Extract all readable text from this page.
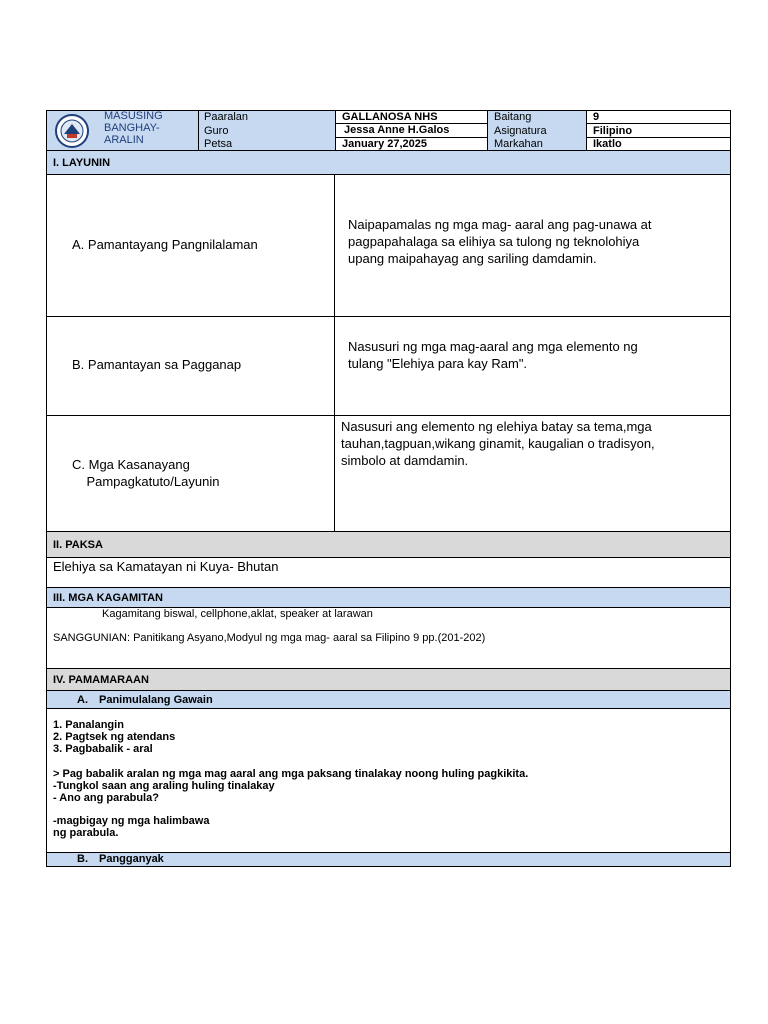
MASUSING
BANGHAY-
ARALIN
Paaralan
Guro
Petsa
GALLANOSA NHS
Jessa Anne H.Galos
January 27,2025
Baitang
Asignatura
Markahan
9
Filipino
Ikatlo
I. LAYUNIN
A. Pamantayang Pangnilalaman
Naipapamalas ng mga mag- aaral ang pag-unawa at
pagpapahalaga sa elihiya sa tulong ng teknolohiya
upang maipahayag ang sariling damdamin.
B. Pamantayan sa Pagganap
Nasusuri ng mga mag-aaral ang mga elemento ng
tulang "Elehiya para kay Ram".
C. Mga Kasanayang
Pampagkatuto/Layunin
Nasusuri ang elemento ng elehiya batay sa tema,mga
tauhan,tagpuan,wikang ginamit, kaugalian o tradisyon,
simbolo at damdamin.
II. PAKSA
Elehiya sa Kamatayan ni Kuya- Bhutan
III. MGA KAGAMITAN
Kagamitang biswal, cellphone,aklat, speaker at larawan
SANGGUNIAN: Panitikang Asyano,Modyul ng mga mag- aaral sa Filipino 9 pp.(201-202)
IV. PAMAMARAAN
A. Panimulalang Gawain
1. Panalangin
2. Pagtsek ng atendans
3. Pagbabalik - aral
> Pag babalik aralan ng mga mag aaral ang mga paksang tinalakay noong huling pagkikita.
-Tungkol saan ang araling huling tinalakay
- Ano ang parabula?
-magbigay ng mga halimbawa
ng parabula.
B. Pangganyak
